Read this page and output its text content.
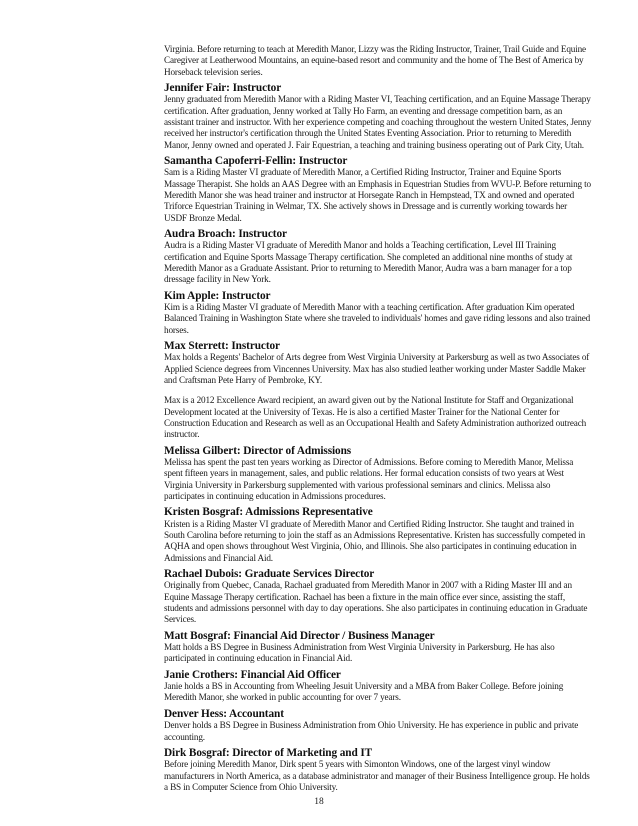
Virginia. Before returning to teach at Meredith Manor, Lizzy was the Riding Instructor, Trainer, Trail Guide and Equine Caregiver at Leatherwood Mountains, an equine-based resort and community and the home of The Best of America by Horseback television series.

Jennifer Fair: Instructor

Jenny graduated from Meredith Manor with a Riding Master VI, Teaching certification, and an Equine Massage Therapy certification. After graduation, Jenny worked at Tally Ho Farm, an eventing and dressage competition barn, as an assistant trainer and instructor. With her experience competing and coaching throughout the western United States, Jenny received her instructor's certification through the United States Eventing Association. Prior to returning to Meredith Manor, Jenny owned and operated J. Fair Equestrian, a teaching and training business operating out of Park City, Utah.

Samantha Capoferri-Fellin: Instructor

Sam is a Riding Master VI graduate of Meredith Manor, a Certified Riding Instructor, Trainer and Equine Sports Massage Therapist. She holds an AAS Degree with an Emphasis in Equestrian Studies from WVU-P. Before returning to Meredith Manor she was head trainer and instructor at Horsegate Ranch in Hempstead, TX and owned and operated Triforce Equestrian Training in Welmar, TX. She actively shows in Dressage and is currently working towards her USDF Bronze Medal.

Audra Broach: Instructor

Audra is a Riding Master VI graduate of Meredith Manor and holds a Teaching certification, Level III Training certification and Equine Sports Massage Therapy certification. She completed an additional nine months of study at Meredith Manor as a Graduate Assistant. Prior to returning to Meredith Manor, Audra was a barn manager for a top dressage facility in New York.

Kim Apple: Instructor

Kim is a Riding Master VI graduate of Meredith Manor with a teaching certification. After graduation Kim operated Balanced Training in Washington State where she traveled to individuals' homes and gave riding lessons and also trained horses.

Max Sterrett: Instructor

Max holds a Regents' Bachelor of Arts degree from West Virginia University at Parkersburg as well as two Associates of Applied Science degrees from Vincennes University. Max has also studied leather working under Master Saddle Maker and Craftsman Pete Harry of Pembroke, KY.

Max is a 2012 Excellence Award recipient, an award given out by the National Institute for Staff and Organizational Development located at the University of Texas. He is also a certified Master Trainer for the National Center for Construction Education and Research as well as an Occupational Health and Safety Administration authorized outreach instructor.

Melissa Gilbert: Director of Admissions

Melissa has spent the past ten years working as Director of Admissions. Before coming to Meredith Manor, Melissa spent fifteen years in management, sales, and public relations. Her formal education consists of two years at West Virginia University in Parkersburg supplemented with various professional seminars and clinics. Melissa also participates in continuing education in Admissions procedures.

Kristen Bosgraf: Admissions Representative

Kristen is a Riding Master VI graduate of Meredith Manor and Certified Riding Instructor. She taught and trained in South Carolina before returning to join the staff as an Admissions Representative. Kristen has successfully competed in AQHA and open shows throughout West Virginia, Ohio, and Illinois. She also participates in continuing education in Admissions and Financial Aid.

Rachael Dubois: Graduate Services Director

Originally from Quebec, Canada, Rachael graduated from Meredith Manor in 2007 with a Riding Master III and an Equine Massage Therapy certification. Rachael has been a fixture in the main office ever since, assisting the staff, students and admissions personnel with day to day operations. She also participates in continuing education in Graduate Services.

Matt Bosgraf: Financial Aid Director / Business Manager

Matt holds a BS Degree in Business Administration from West Virginia University in Parkersburg. He has also participated in continuing education in Financial Aid.

Janie Crothers: Financial Aid Officer

Janie holds a BS in Accounting from Wheeling Jesuit University and a MBA from Baker College. Before joining Meredith Manor, she worked in public accounting for over 7 years.

Denver Hess: Accountant

Denver holds a BS Degree in Business Administration from Ohio University. He has experience in public and private accounting.

Dirk Bosgraf: Director of Marketing and IT

Before joining Meredith Manor, Dirk spent 5 years with Simonton Windows, one of the largest vinyl window manufacturers in North America, as a database administrator and manager of their Business Intelligence group. He holds a BS in Computer Science from Ohio University.

18
